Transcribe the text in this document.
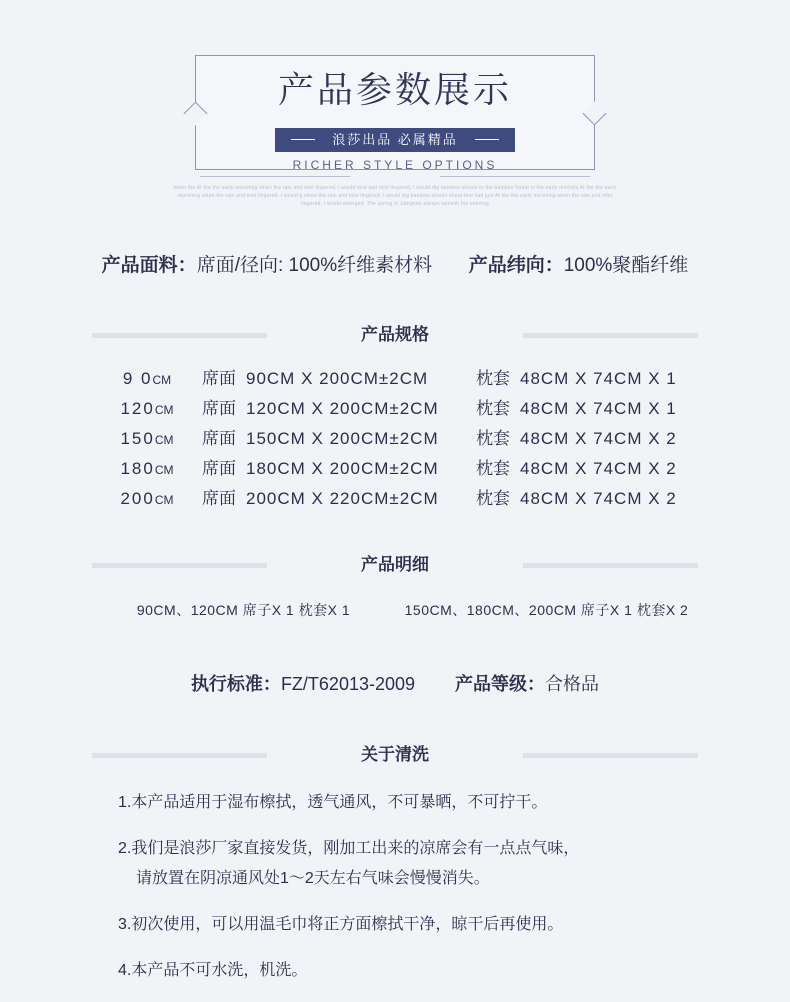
产品参数展示
浪莎出品 必属精品
RICHER STYLE OPTIONS
when the At the the early mornning when the rain and mist lingered, I would mist and mist lingered, I would dig bamboo shoots to the bamboo forest in the early mornshi At the the early mornning when the rain and mist lingered. I would g when the rain and mist lingered. I would dig bamboo shoots shoot that had just At the the early mornning when the rain and mist lingered, I would emerged. The spring in Jiangnan always rainsith the evening
产品面料：席面/径向: 100%纤维素材料 产品纬向：100%聚酯纤维
产品规格
9 0CM	席面 90CM X 200CM±2CM	枕套 48CM X 74CM X 1
120CM	席面 120CM X 200CM±2CM	枕套 48CM X 74CM X 1
150CM	席面 150CM X 200CM±2CM	枕套 48CM X 74CM X 2
180CM	席面 180CM X 200CM±2CM	枕套 48CM X 74CM X 2
200CM	席面 200CM X 220CM±2CM	枕套 48CM X 74CM X 2
产品明细
90CM、120CM 席子X 1 枕套X 1	150CM、180CM、200CM 席子X 1 枕套X 2
执行标准：FZ/T62013-2009 产品等级：合格品
关于清洗
1.本产品适用于湿布檫拭，透气通风，不可暴晒，不可拧干。
2.我们是浪莎厂家直接发货，刚加工出来的凉席会有一点点气味，
请放置在阴凉通风处1～2天左右气味会慢慢消失。
3.初次使用，可以用温毛巾将正方面檫拭干净，晾干后再使用。
4.本产品不可水洗，机洗。
